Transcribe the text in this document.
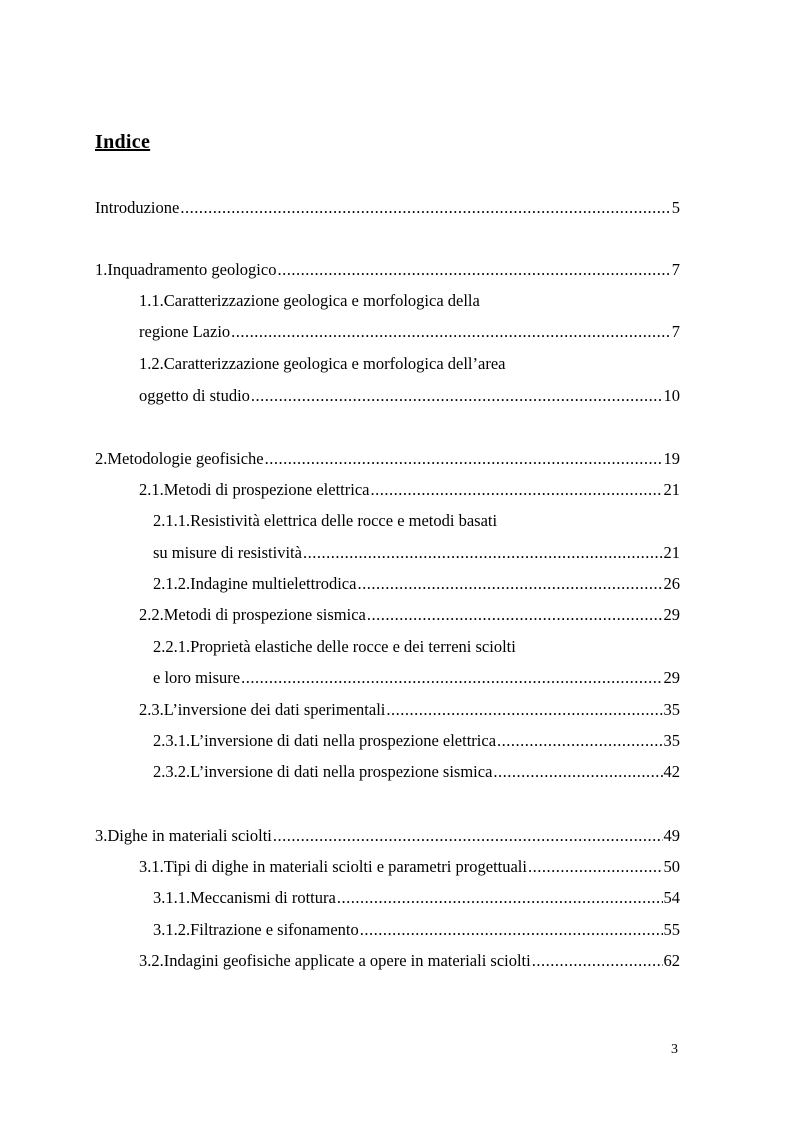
Indice
Introduzione .....	5
1. Inquadramento geologico .....	7
1.1.Caratterizzazione geologica e morfologica della
regione Lazio .....	7
1.2.Caratterizzazione geologica e morfologica dell’area
oggetto di studio .....	10
2. Metodologie geofisiche .....	19
2.1.Metodi di prospezione elettrica .....	21
2.1.1.Resistività elettrica delle rocce e metodi basati
su misure di resistività .....	21
2.1.2.Indagine multielettrodica .....	26
2.2.Metodi di prospezione sismica .....	29
2.2.1.Proprietà elastiche delle rocce e dei terreni sciolti
e loro misure .....	29
2.3.L’inversione dei dati sperimentali .....	35
2.3.1.L’inversione di dati nella prospezione elettrica .....	35
2.3.2.L’inversione di dati nella prospezione sismica .....	42
3. Dighe in materiali sciolti .....	49
3.1.Tipi di dighe in materiali sciolti e parametri progettuali .....	50
3.1.1.Meccanismi di rottura .....	54
3.1.2.Filtrazione e sifonamento .....	55
3.2.Indagini geofisiche applicate a opere in materiali sciolti .....	62
3
